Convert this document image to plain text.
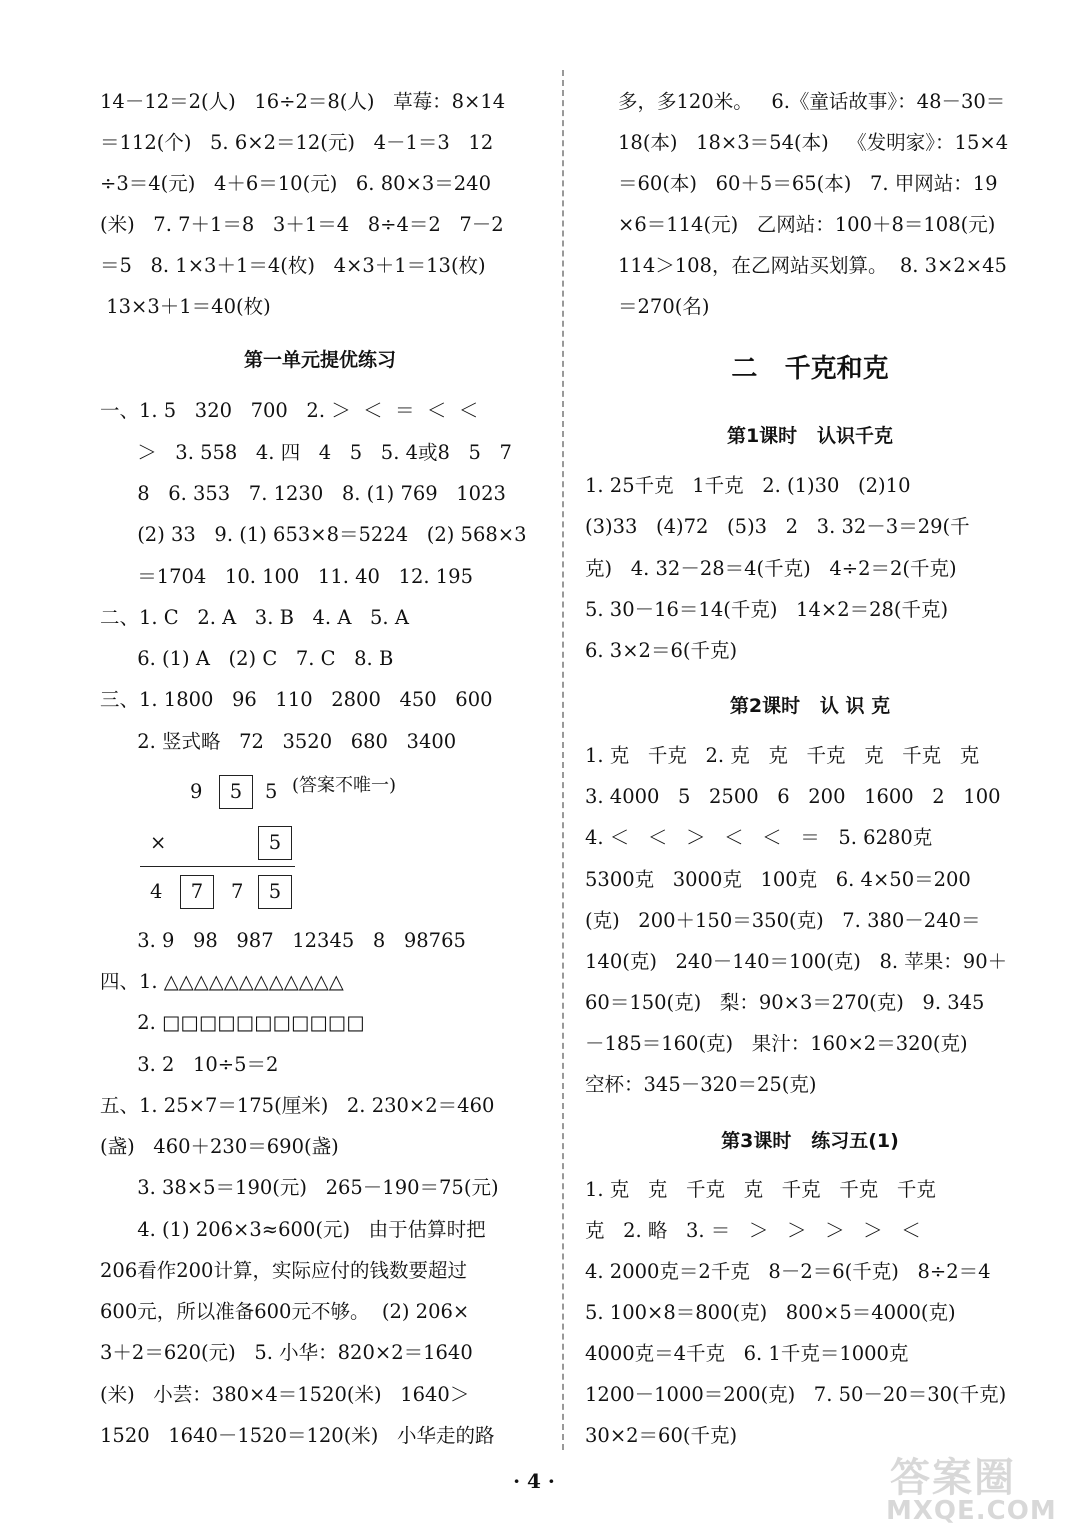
14－12＝2(人)   16÷2＝8(人)   草莓：8×14
＝112(个)   5. 6×2＝12(元)   4－1＝3   12
÷3＝4(元)   4＋6＝10(元)   6. 80×3＝240
(米)   7. 7＋1＝8   3＋1＝4   8÷4＝2   7－2
＝5   8. 1×3＋1＝4(枚)   4×3＋1＝13(枚)
13×3＋1＝40(枚)
第一单元提优练习
一、1. 5   320   700   2. ＞  ＜  ＝  ＜  ＜
＞   3. 558   4. 四   4   5   5. 4或8   5   7
8   6. 353   7. 1230   8. (1) 769   1023
(2) 33   9. (1) 653×8＝5224   (2) 568×3
＝1704   10. 100   11. 40   12. 195
二、1. C   2. A   3. B   4. A   5. A
6. (1) A   (2) C   7. C   8. B
三、1. 1800   96   110   2800   450   600
2. 竖式略   72   3520   680   3400
9	5	5 (答案不唯一)
×	5
4	7	7	5
3. 9   98   987   12345   8   98765
四、1. △△△△△△△△△△△△
2. □□□□□□□□□□□
3. 2   10÷5＝2
五、1. 25×7＝175(厘米)   2. 230×2＝460
(盏)   460＋230＝690(盏)
3. 38×5＝190(元)   265－190＝75(元)
4. (1) 206×3≈600(元)   由于估算时把
206看作200计算，实际应付的钱数要超过
600元，所以准备600元不够。  (2) 206×
3＋2＝620(元)   5. 小华：820×2＝1640
(米)   小芸：380×4＝1520(米)   1640＞
1520   1640－1520＝120(米)   小华走的路
多，多120米。   6.《童话故事》：48－30＝
18(本)   18×3＝54(本)   《发明家》：15×4
＝60(本)   60＋5＝65(本)   7. 甲网站：19
×6＝114(元)   乙网站：100＋8＝108(元)
114＞108，在乙网站买划算。  8. 3×2×45
＝270(名)
二   千克和克
第1课时   认识千克
1. 25千克   1千克   2. (1)30   (2)10
(3)33   (4)72   (5)3   2   3. 32－3＝29(千
克)   4. 32－28＝4(千克)   4÷2＝2(千克)
5. 30－16＝14(千克)   14×2＝28(千克)
6. 3×2＝6(千克)
第2课时   认 识 克
1. 克   千克   2. 克   克   千克   克   千克   克
3. 4000   5   2500   6   200   1600   2   100
4. ＜   ＜   ＞   ＜   ＜   ＝   5. 6280克
5300克   3000克   100克   6. 4×50＝200
(克)   200＋150＝350(克)   7. 380－240＝
140(克)   240－140＝100(克)   8. 苹果：90＋
60＝150(克)   梨：90×3＝270(克)   9. 345
－185＝160(克)   果汁：160×2＝320(克)
空杯：345－320＝25(克)
第3课时   练习五(1)
1. 克   克   千克   克   千克   千克   千克
克   2. 略   3. ＝   ＞   ＞   ＞   ＞   ＜
4. 2000克＝2千克   8－2＝6(千克)   8÷2＝4
5. 100×8＝800(克)   800×5＝4000(克)
4000克＝4千克   6. 1千克＝1000克
1200－1000＝200(克)   7. 50－20＝30(千克)
30×2＝60(千克)
· 4 ·	答案圈
MXQE.COM
